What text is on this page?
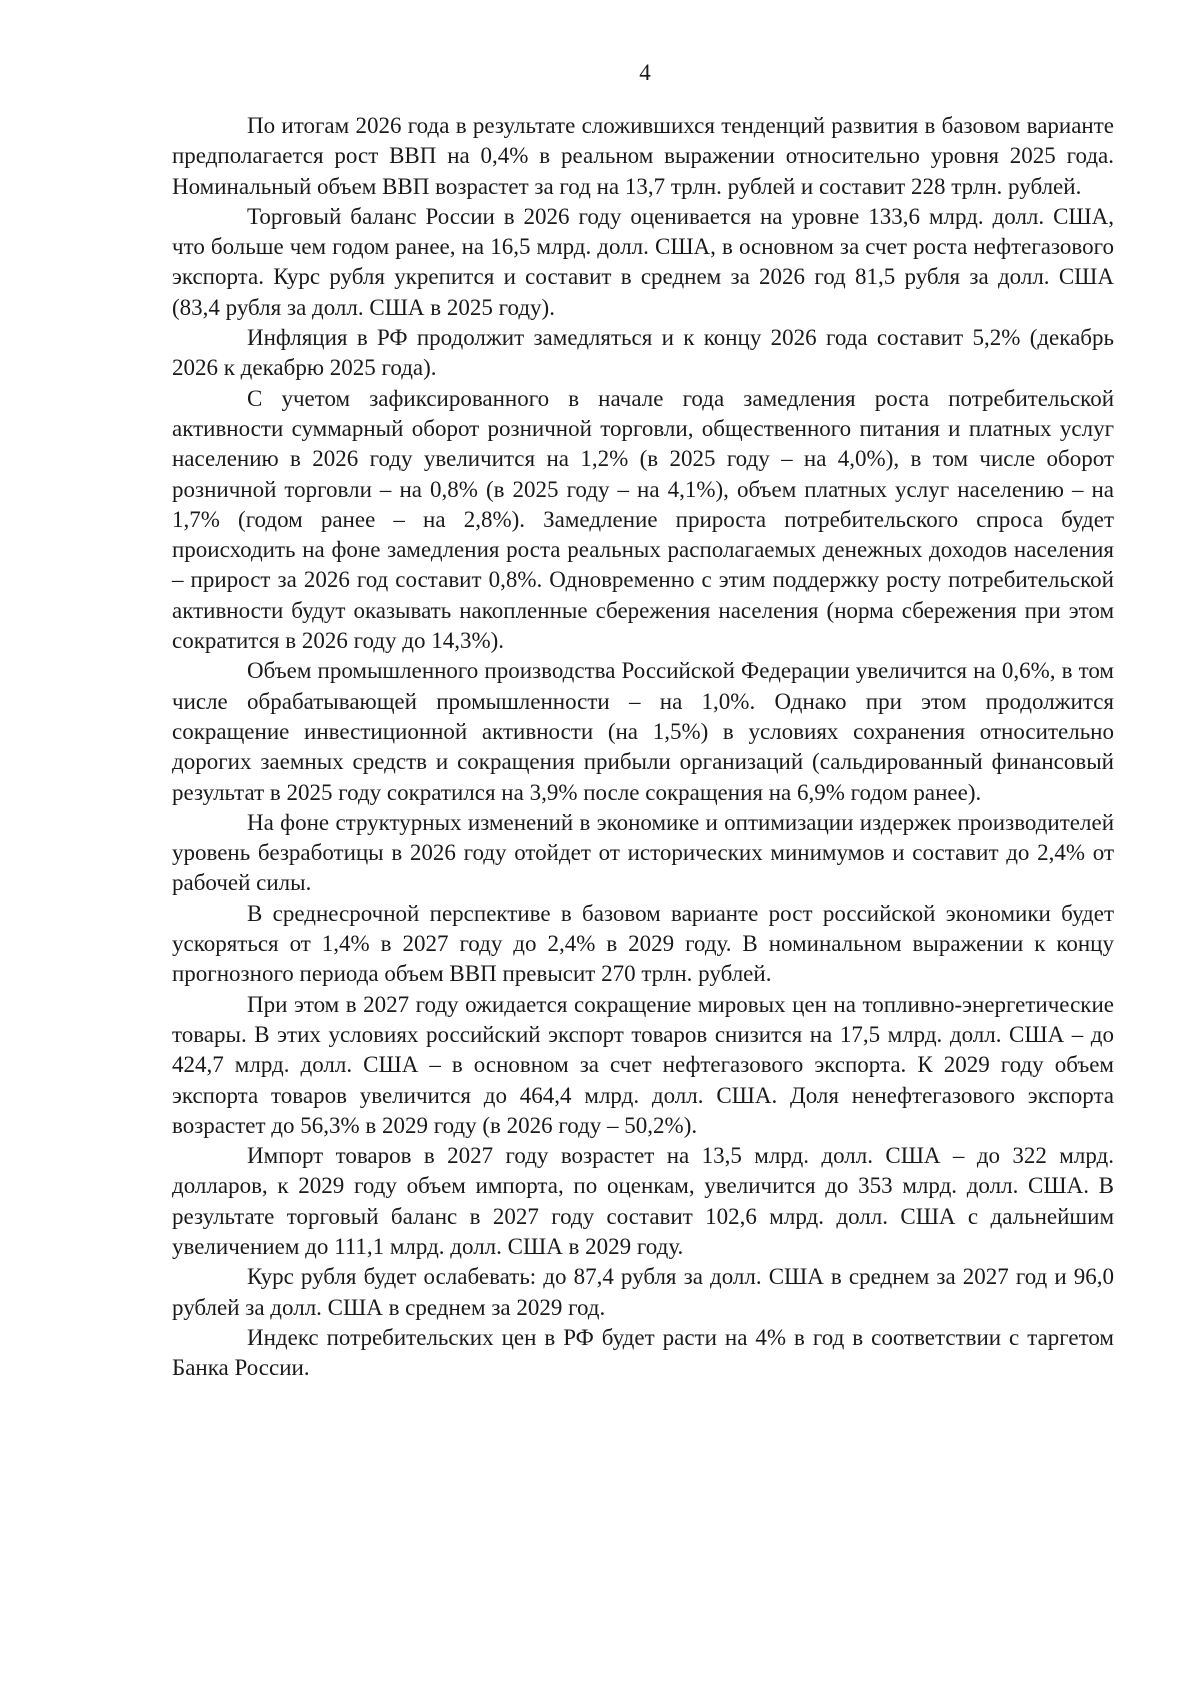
4

По итогам 2026 года в результате сложившихся тенденций развития в базовом варианте предполагается рост ВВП на 0,4% в реальном выражении относительно уровня 2025 года. Номинальный объем ВВП возрастет за год на 13,7 трлн. рублей и составит 228 трлн. рублей.

Торговый баланс России в 2026 году оценивается на уровне 133,6 млрд. долл. США, что больше чем годом ранее, на 16,5 млрд. долл. США, в основном за счет роста нефтегазового экспорта. Курс рубля укрепится и составит в среднем за 2026 год 81,5 рубля за долл. США (83,4 рубля за долл. США в 2025 году).

Инфляция в РФ продолжит замедляться и к концу 2026 года составит 5,2% (декабрь 2026 к декабрю 2025 года).

С учетом зафиксированного в начале года замедления роста потребительской активности суммарный оборот розничной торговли, общественного питания и платных услуг населению в 2026 году увеличится на 1,2% (в 2025 году – на 4,0%), в том числе оборот розничной торговли – на 0,8% (в 2025 году – на 4,1%), объем платных услуг населению – на 1,7% (годом ранее – на 2,8%). Замедление прироста потребительского спроса будет происходить на фоне замедления роста реальных располагаемых денежных доходов населения – прирост за 2026 год составит 0,8%. Одновременно с этим поддержку росту потребительской активности будут оказывать накопленные сбережения населения (норма сбережения при этом сократится в 2026 году до 14,3%).

Объем промышленного производства Российской Федерации увеличится на 0,6%, в том числе обрабатывающей промышленности – на 1,0%. Однако при этом продолжится сокращение инвестиционной активности (на 1,5%) в условиях сохранения относительно дорогих заемных средств и сокращения прибыли организаций (сальдированный финансовый результат в 2025 году сократился на 3,9% после сокращения на 6,9% годом ранее).

На фоне структурных изменений в экономике и оптимизации издержек производителей уровень безработицы в 2026 году отойдет от исторических минимумов и составит до 2,4% от рабочей силы.

В среднесрочной перспективе в базовом варианте рост российской экономики будет ускоряться от 1,4% в 2027 году до 2,4% в 2029 году. В номинальном выражении к концу прогнозного периода объем ВВП превысит 270 трлн. рублей.

При этом в 2027 году ожидается сокращение мировых цен на топливно-энергетические товары. В этих условиях российский экспорт товаров снизится на 17,5 млрд. долл. США – до 424,7 млрд. долл. США – в основном за счет нефтегазового экспорта. К 2029 году объем экспорта товаров увеличится до 464,4 млрд. долл. США. Доля ненефтегазового экспорта возрастет до 56,3% в 2029 году (в 2026 году – 50,2%).

Импорт товаров в 2027 году возрастет на 13,5 млрд. долл. США – до 322 млрд. долларов, к 2029 году объем импорта, по оценкам, увеличится до 353 млрд. долл. США. В результате торговый баланс в 2027 году составит 102,6 млрд. долл. США с дальнейшим увеличением до 111,1 млрд. долл. США в 2029 году.

Курс рубля будет ослабевать: до 87,4 рубля за долл. США в среднем за 2027 год и 96,0 рублей за долл. США в среднем за 2029 год.

Индекс потребительских цен в РФ будет расти на 4% в год в соответствии с таргетом Банка России.
